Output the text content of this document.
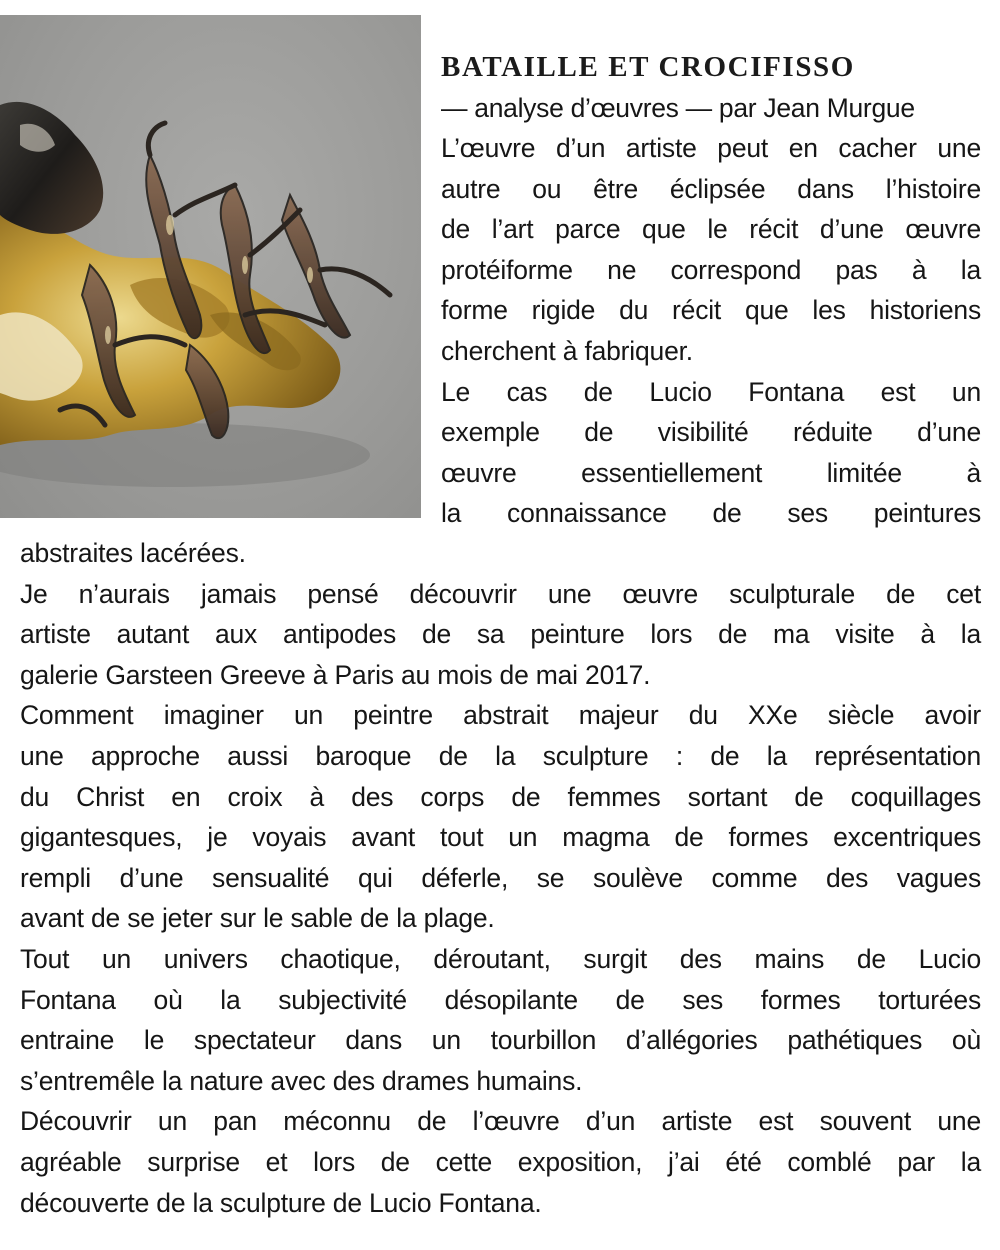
BATAILLE ET CROCIFISSO

— analyse d’œuvres — par Jean Murgue

L’œuvre d’un artiste peut en cacher une

autre ou être éclipsée dans l’histoire

de l’art parce que le récit d’une œuvre

protéiforme ne correspond pas à la

forme rigide du récit que les historiens

cherchent à fabriquer.

Le cas de Lucio Fontana est un

exemple de visibilité réduite d’une

œuvre essentiellement limitée à

la connaissance de ses peintures

abstraites lacérées.

Je n’aurais jamais pensé découvrir une œuvre sculpturale de cet

artiste autant aux antipodes de sa peinture lors de ma visite à la

galerie Garsteen Greeve à Paris au mois de mai 2017.

Comment imaginer un peintre abstrait majeur du XXe siècle avoir

une approche aussi baroque de la sculpture : de la représentation

du Christ en croix à des corps de femmes sortant de coquillages

gigantesques, je voyais avant tout un magma de formes excentriques

rempli d’une sensualité qui déferle, se soulève comme des vagues

avant de se jeter sur le sable de la plage.

Tout un univers chaotique, déroutant, surgit des mains de Lucio

Fontana où la subjectivité désopilante de ses formes torturées

entraine le spectateur dans un tourbillon d’allégories pathétiques où

s’entremêle la nature avec des drames humains.

Découvrir un pan méconnu de l’œuvre d’un artiste est souvent une

agréable surprise et lors de cette exposition, j’ai été comblé par la

découverte de la sculpture de Lucio Fontana.
